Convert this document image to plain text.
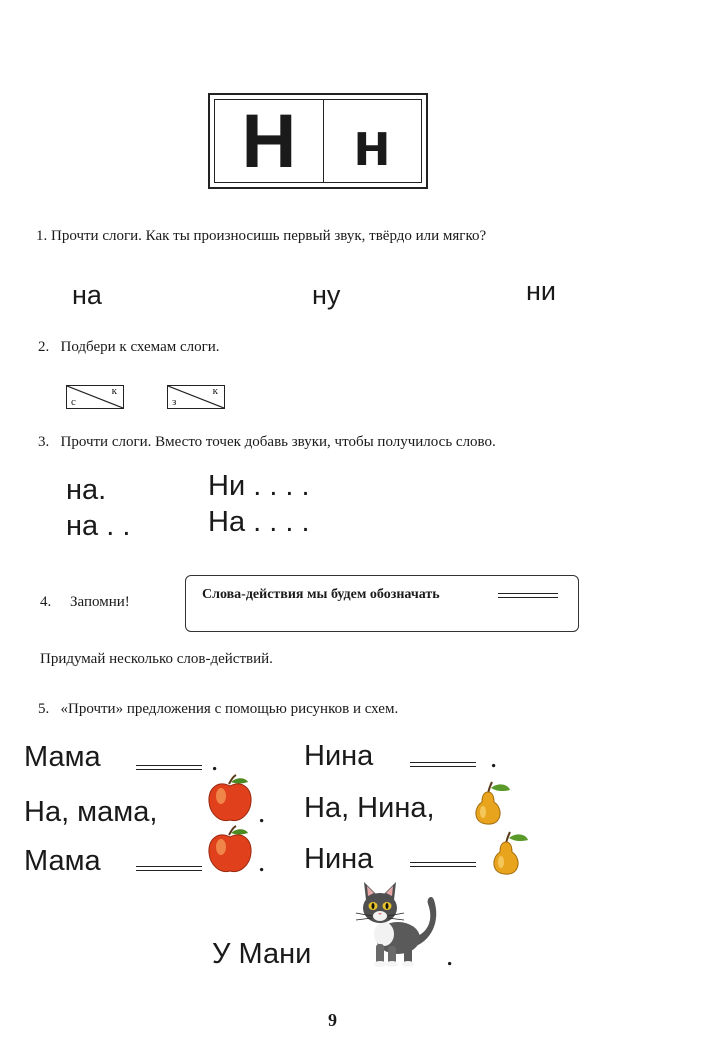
Н н
1. Прочти слоги. Как ты произносишь первый звук, твёрдо или мягко?
на	ну	ни
2.   Подбери к схемам слоги.
с
к
з
к
3.   Прочти слоги. Вместо точек добавь звуки, чтобы получилось слово.
на.	Ни . . . .
на . .	На . . . .
4. Запомни!	Слова-действия мы будем обозначать
Придумай несколько слов-действий.
5.   «Прочти» предложения с помощью рисунков и схем.
Мама	.
На, мама,	.
Мама	.
Нина	.
На, Нина,
Нина
У Мани	.
9
